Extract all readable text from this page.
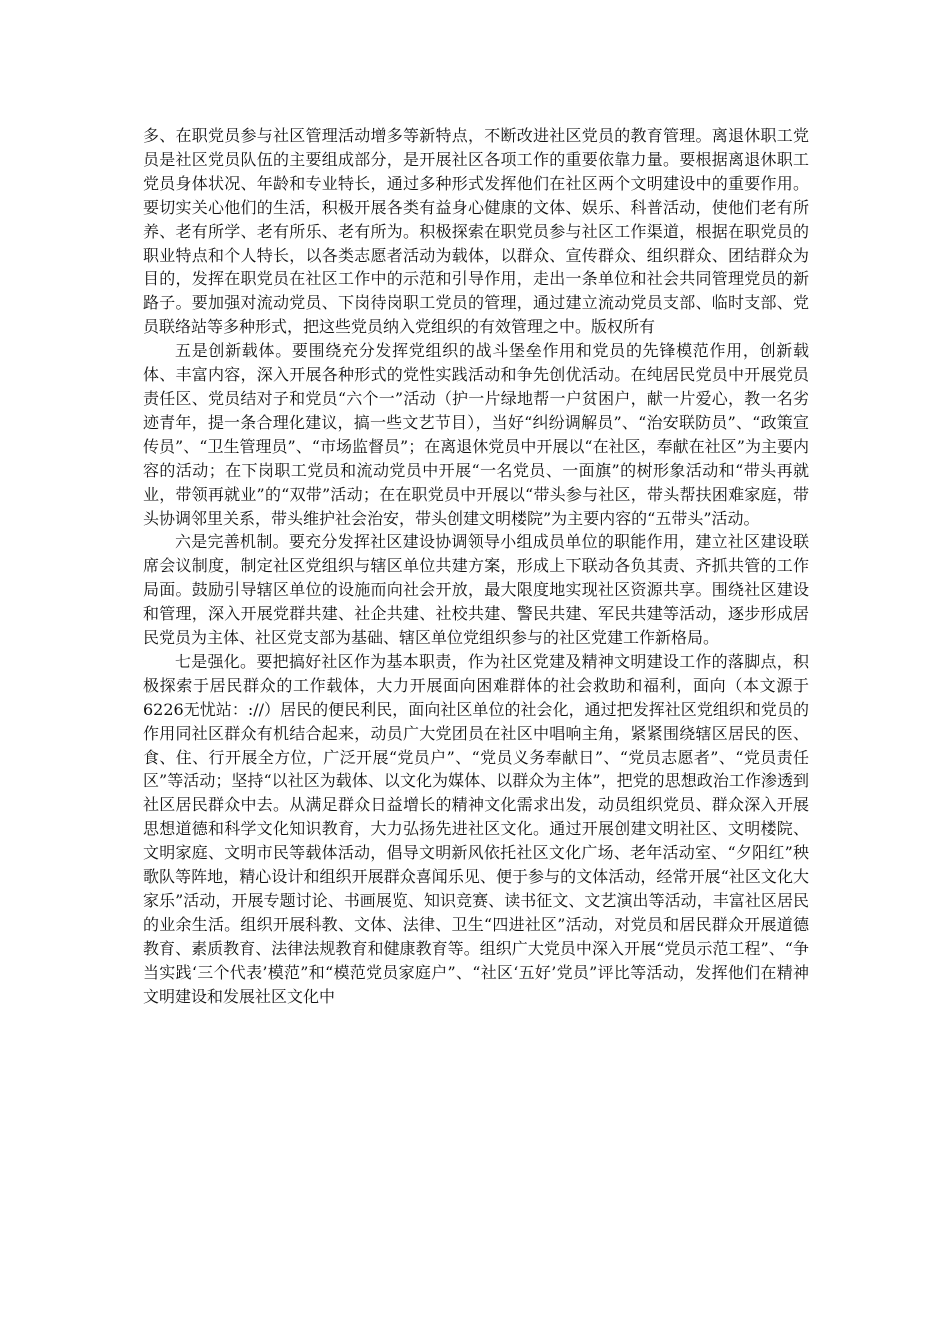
多、在职党员参与社区管理活动增多等新特点，不断改进社区党员的教育管理。离退休职工党员是社区党员队伍的主要组成部分，是开展社区各项工作的重要依靠力量。要根据离退休职工党员身体状况、年龄和专业特长，通过多种形式发挥他们在社区两个文明建设中的重要作用。要切实关心他们的生活，积极开展各类有益身心健康的文体、娱乐、科普活动，使他们老有所养、老有所学、老有所乐、老有所为。积极探索在职党员参与社区工作渠道，根据在职党员的职业特点和个人特长，以各类志愿者活动为载体，以群众、宣传群众、组织群众、团结群众为目的，发挥在职党员在社区工作中的示范和引导作用，走出一条单位和社会共同管理党员的新路子。要加强对流动党员、下岗待岗职工党员的管理，通过建立流动党员支部、临时支部、党员联络站等多种形式，把这些党员纳入党组织的有效管理之中。版权所有

五是创新载体。要围绕充分发挥党组织的战斗堡垒作用和党员的先锋模范作用，创新载体、丰富内容，深入开展各种形式的党性实践活动和争先创优活动。在纯居民党员中开展党员责任区、党员结对子和党员“六个一”活动（护一片绿地帮一户贫困户，献一片爱心，教一名劣迹青年，提一条合理化建议，搞一些文艺节目），当好“纠纷调解员”、“治安联防员”、“政策宣传员”、“卫生管理员”、“市场监督员”；在离退休党员中开展以“在社区，奉献在社区”为主要内容的活动；在下岗职工党员和流动党员中开展“一名党员、一面旗”的树形象活动和“带头再就业，带领再就业”的“双带”活动；在在职党员中开展以“带头参与社区，带头帮扶困难家庭，带头协调邻里关系，带头维护社会治安，带头创建文明楼院”为主要内容的“五带头”活动。

六是完善机制。要充分发挥社区建设协调领导小组成员单位的职能作用，建立社区建设联席会议制度，制定社区党组织与辖区单位共建方案，形成上下联动各负其责、齐抓共管的工作局面。鼓励引导辖区单位的设施而向社会开放，最大限度地实现社区资源共享。围绕社区建设和管理，深入开展党群共建、社企共建、社校共建、警民共建、军民共建等活动，逐步形成居民党员为主体、社区党支部为基础、辖区单位党组织参与的社区党建工作新格局。

七是强化。要把搞好社区作为基本职责，作为社区党建及精神文明建设工作的落脚点，积极探索于居民群众的工作载体，大力开展面向困难群体的社会救助和福利，面向（本文源于6226无忧站：://）居民的便民利民，面向社区单位的社会化，通过把发挥社区党组织和党员的作用同社区群众有机结合起来，动员广大党团员在社区中唱响主角，紧紧围绕辖区居民的医、食、住、行开展全方位，广泛开展“党员户”、“党员义务奉献日”、“党员志愿者”、“党员责任区”等活动；坚持“以社区为载体、以文化为媒体、以群众为主体”，把党的思想政治工作渗透到社区居民群众中去。从满足群众日益增长的精神文化需求出发，动员组织党员、群众深入开展思想道德和科学文化知识教育，大力弘扬先进社区文化。通过开展创建文明社区、文明楼院、文明家庭、文明市民等载体活动，倡导文明新风依托社区文化广场、老年活动室、“夕阳红”秧歌队等阵地，精心设计和组织开展群众喜闻乐见、便于参与的文体活动，经常开展“社区文化大家乐”活动，开展专题讨论、书画展览、知识竞赛、读书征文、文艺演出等活动，丰富社区居民的业余生活。组织开展科教、文体、法律、卫生“四进社区”活动，对党员和居民群众开展道德教育、素质教育、法律法规教育和健康教育等。组织广大党员中深入开展“党员示范工程”、“争当实践‘三个代表’模范”和“模范党员家庭户”、“社区‘五好’党员”评比等活动，发挥他们在精神文明建设和发展社区文化中
